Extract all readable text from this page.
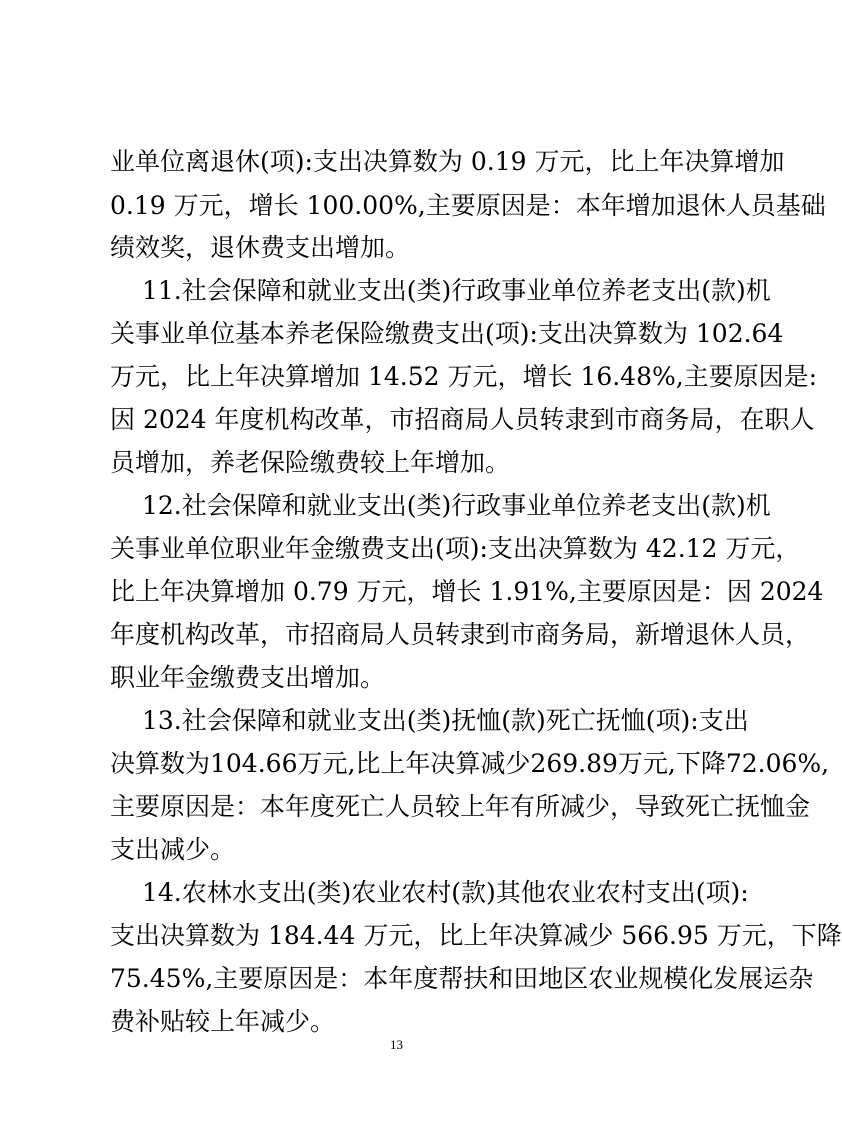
业单位离退休(项):支出决算数为 0.19 万元，比上年决算增加
0.19 万元，增长 100.00%,主要原因是：本年增加退休人员基础
绩效奖，退休费支出增加。
11.社会保障和就业支出(类)行政事业单位养老支出(款)机
关事业单位基本养老保险缴费支出(项):支出决算数为 102.64
万元，比上年决算增加 14.52 万元，增长 16.48%,主要原因是:
因 2024 年度机构改革，市招商局人员转隶到市商务局，在职人
员增加，养老保险缴费较上年增加。
12.社会保障和就业支出(类)行政事业单位养老支出(款)机
关事业单位职业年金缴费支出(项):支出决算数为 42.12 万元，
比上年决算增加 0.79 万元，增长 1.91%,主要原因是：因 2024
年度机构改革，市招商局人员转隶到市商务局，新增退休人员，
职业年金缴费支出增加。
13.社会保障和就业支出(类)抚恤(款)死亡抚恤(项):支出
决算数为104.66万元,比上年决算减少269.89万元,下降72.06%,
主要原因是：本年度死亡人员较上年有所减少，导致死亡抚恤金
支出减少。
14.农林水支出(类)农业农村(款)其他农业农村支出(项):
支出决算数为 184.44 万元，比上年决算减少 566.95 万元，下降
75.45%,主要原因是：本年度帮扶和田地区农业规模化发展运杂
费补贴较上年减少。
13
